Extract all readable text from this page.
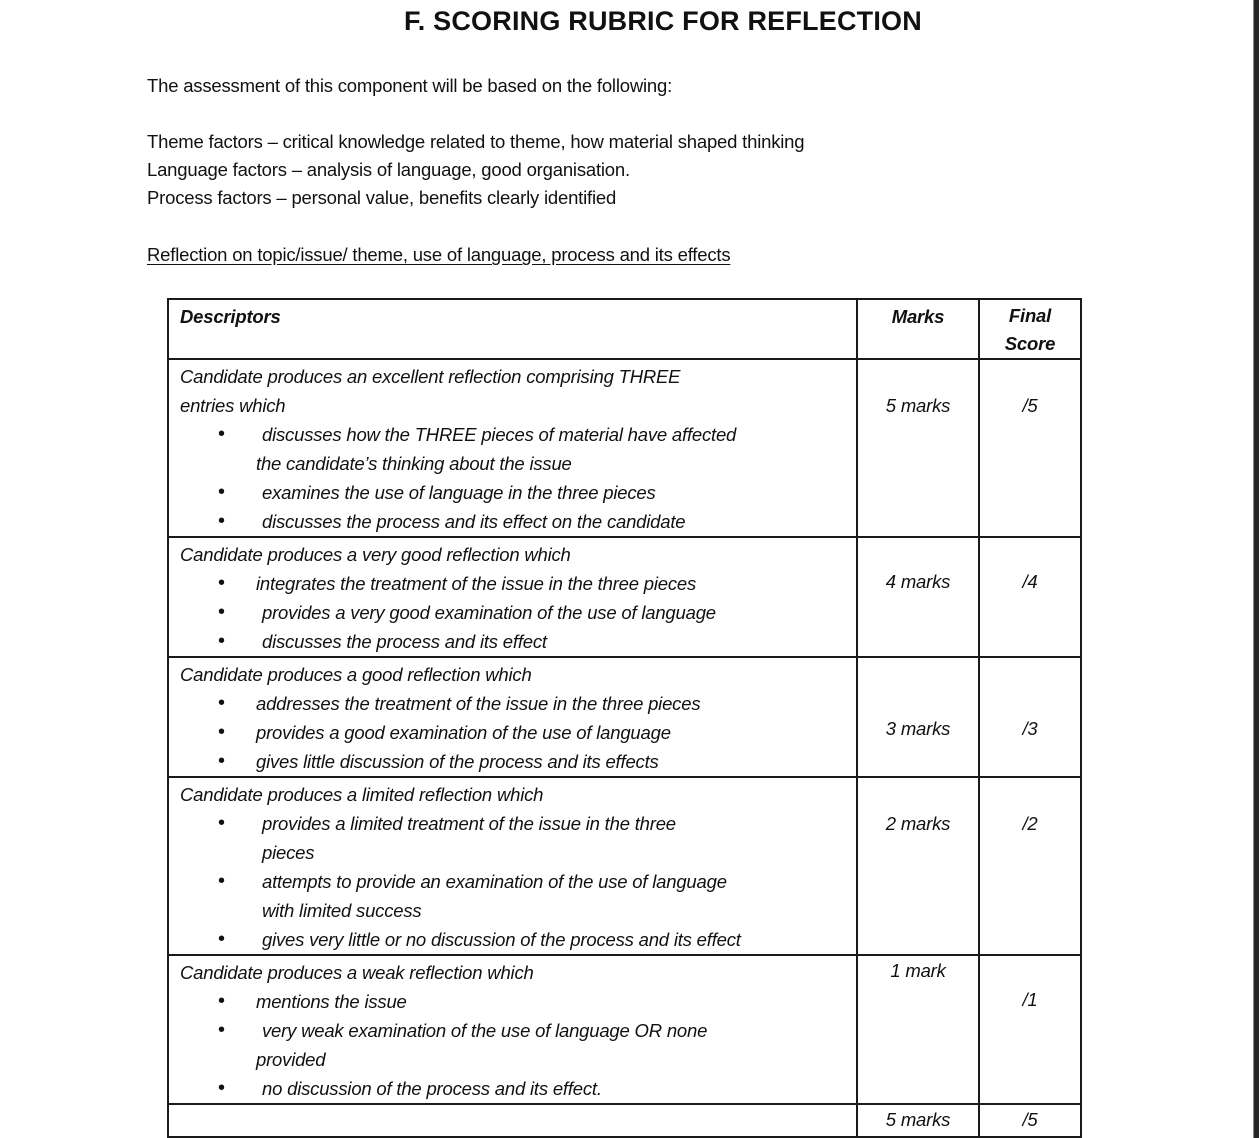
F. SCORING RUBRIC FOR REFLECTION
The assessment of this component will be based on the following:
Theme factors – critical knowledge related to theme, how material shaped thinking
Language factors – analysis of language, good organisation.
Process factors – personal value, benefits clearly identified
Reflection on topic/issue/ theme, use of language, process and its effects
Descriptors	Marks	Final
Score

Candidate produces an excellent reflection comprising THREE
entries which
• discusses how the THREE pieces of material have affected
the candidate’s thinking about the issue
• examines the use of language in the three pieces
• discusses the process and its effect on the candidate

5 marks	/5

Candidate produces a very good reflection which
• integrates the treatment of the issue in the three pieces
• provides a very good examination of the use of language
• discusses the process and its effect	4 marks	/4

Candidate produces a good reflection which
• addresses the treatment of the issue in the three pieces
• provides a good examination of the use of language
• gives little discussion of the process and its effects	3 marks	/3

Candidate produces a limited reflection which
• provides a limited treatment of the issue in the three
pieces
• attempts to provide an examination of the use of language
with limited success
• gives very little or no discussion of the process and its effect

2 marks	/2

Candidate produces a weak reflection which
• mentions the issue
• very weak examination of the use of language OR none
provided
• no discussion of the process and its effect.	1 mark	/1

	5 marks	/5
